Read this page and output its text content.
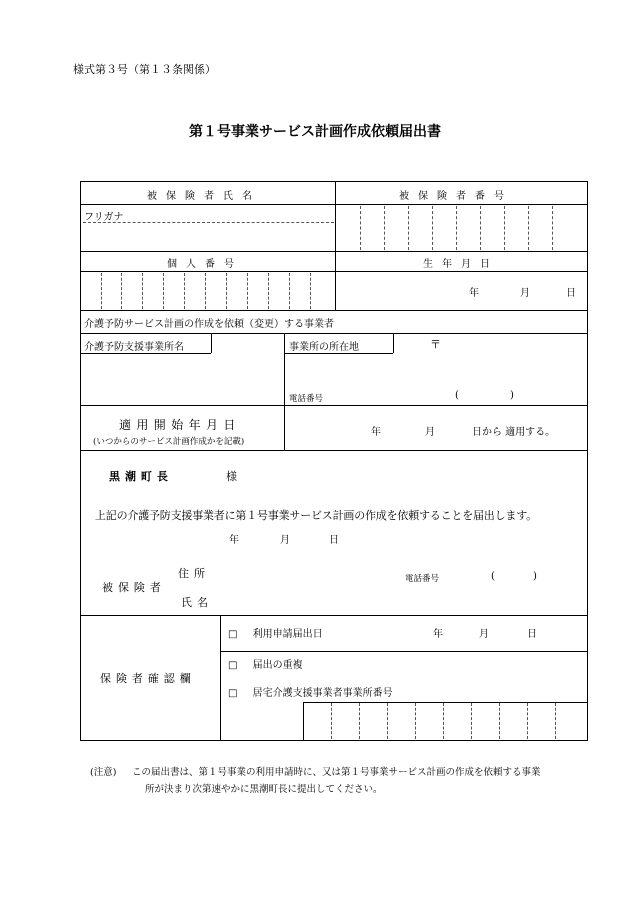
様式第３号（第１３条関係）
第１号事業サービス計画作成依頼届出書
被保険者氏名	被保険者番号
フリガナ
個人番号	生年月日
年	月	日
介護予防サービス計画の作成を依頼（変更）する事業者
介護予防支援事業所名	事業所の所在地	〒
電話番号	(	)
適用開始年月日
(いつからのサービス計画作成かを記載)
年	月	日から 適用する。
黒潮町長	様
上記の介護予防支援事業者に第１号事業サービス計画の作成を依頼することを届出します。
年	月	日
住所
被保険者
氏名
電話番号	(	)
保険者確認欄
□ 利用申請届出日	年	月	日
□ 届出の重複
□ 居宅介護支援事業者事業所番号
(注意) この届出書は、第１号事業の利用申請時に、又は第１号事業サービス計画の作成を依頼する事業
所が決まり次第速やかに黒潮町長に提出してください。
